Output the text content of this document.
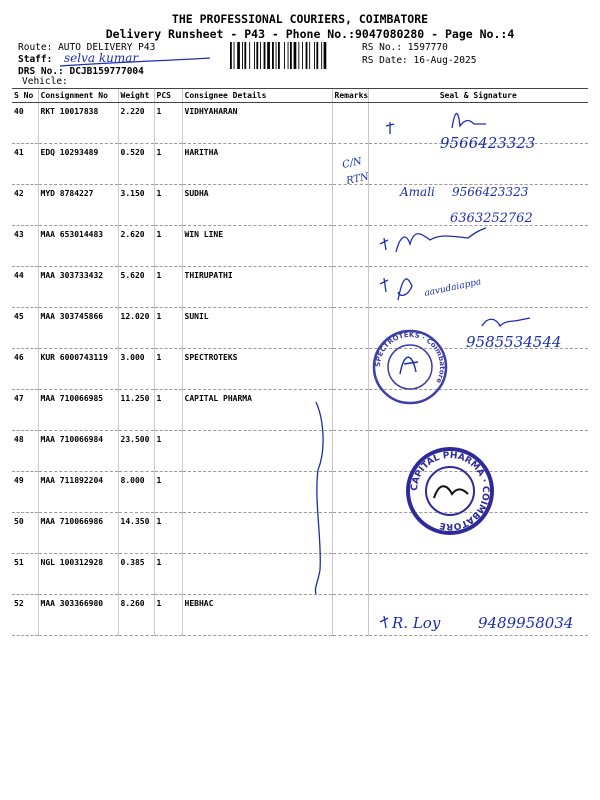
THE PROFESSIONAL COURIERS, COIMBATORE
Delivery Runsheet - P43 - Phone No.:9047080280 - Page No.:4
Route: AUTO DELIVERY P43
Staff:
DRS No.: DCJB159777004
Vehicle:
RS No.: 1597770
RS Date: 16-Aug-2025
S No	Consignment No	Weight	PCS	Consignee Details	Remarks	Seal & Signature
40	RKT 10017838	2.220	1	VIDHYAHARAN		
41	EDQ 10293489	0.520	1	HARITHA		
42	MYD 8784227	3.150	1	SUDHA		
43	MAA 653014483	2.620	1	WIN LINE		
44	MAA 303733432	5.620	1	THIRUPATHI		
45	MAA 303745866	12.020	1	SUNIL		
46	KUR 6000743119	3.000	1	SPECTROTEKS		
47	MAA 710066985	11.250	1	CAPITAL PHARMA		
48	MAA 710066984	23.500	1			
49	MAA 711892204	8.000	1			
50	MAA 710066986	14.350	1			
51	NGL 100312928	0.385	1			
52	MAA 303366980	8.260	1	HEBHAC		
selva kumar
C/N
RTN
9566423323
Amali 9566423323
6363252762
aavudaiappa
9585534544
R. Loy	9489958034
SPECTROTEKS · Coimbatore
CAPITAL PHARMA · COIMBATORE
